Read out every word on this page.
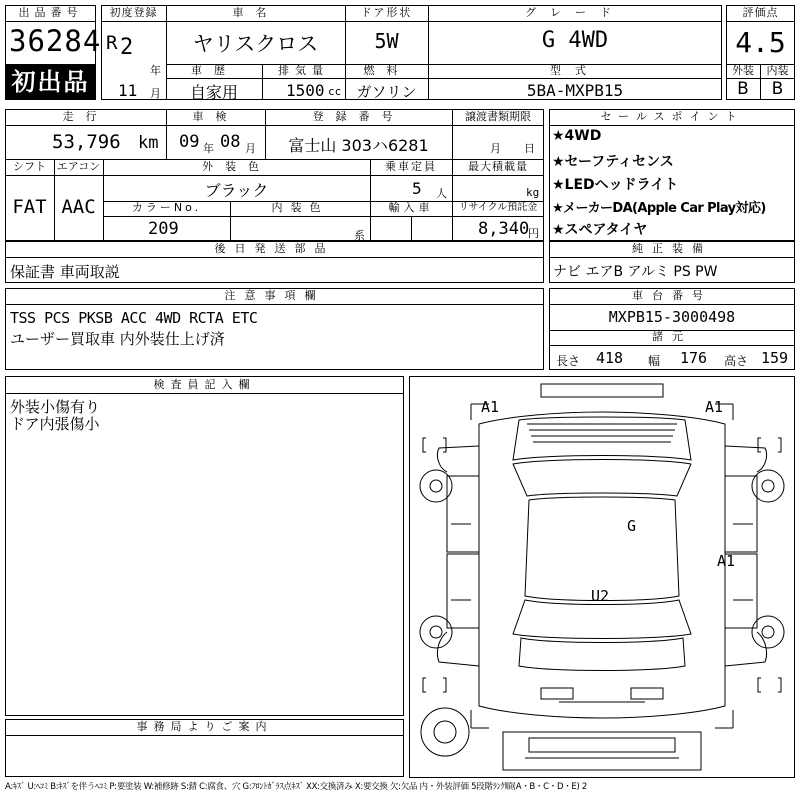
出品番号
36284
初出品
初度登録
R 2
年
11 月
車名
ヤリスクロス
ドア形状
5W
グレード
G 4WD
車歴
自家用
排気量
1500 cc
燃料
ガソリン
型式
5BA-MXPB15
評価点
4.5
外装	内装
B	B
走行
53,796 km
車検
09 年 08 月
登録番号
富士山 303ハ6281
譲渡書類期限
月 日
シフト
FAT
エアコン
AAC
外装色
ブラック
乗車定員
5 人
最大積載量
kg
カラーNo.
209
内装色
系
輸入車	リサイクル預託金
8,340
円
セールスポイント
★4WD
★セーフティセンス
★LEDヘッドライト
★メーカーDA(Apple Car Play対応)
★スペアタイヤ
後日発送部品
保証書 車両取説
純正装備
ナビ エアB アルミ PS PW
注意事項欄
TSS PCS PKSB ACC 4WD RCTA ETC
ユーザー買取車 内外装仕上げ済
車台番号
MXPB15-3000498
諸元
長さ 418 幅 176 高さ 159
検査員記入欄
外装小傷有り
ドア内張傷小
事務局よりご案内
A1	A1
A1
G
U2
A:ｷｽﾞ U:ﾍｺﾐ B:ｷｽﾞを伴うﾍｺﾐ P:要塗装 W:補修跡 S:錆 C:腐食、穴 G:ﾌﾛﾝﾄｶﾞﾗｽ点ｷｽﾞ XX:交換済み X:要交換 欠:欠品 内・外装評価 5段階ﾗﾝｸ順(A・B・C・D・E) 2
